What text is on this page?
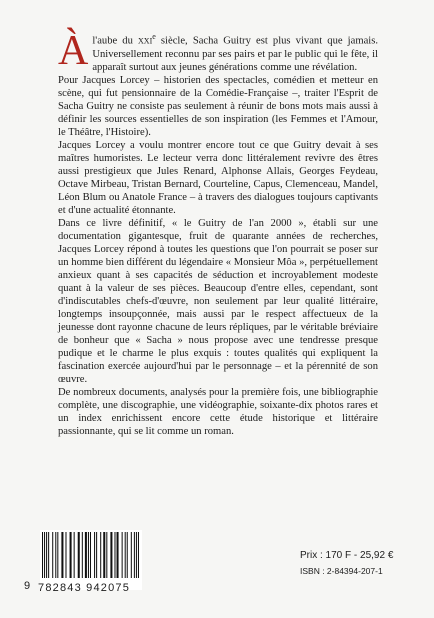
À l'aube du XXIe siècle, Sacha Guitry est plus vivant que jamais. Universellement reconnu par ses pairs et par le public qui le fête, il apparaît surtout aux jeunes générations comme une révélation.

Pour Jacques Lorcey – historien des spectacles, comédien et metteur en scène, qui fut pensionnaire de la Comédie-Française –, traiter l'Esprit de Sacha Guitry ne consiste pas seulement à réunir de bons mots mais aussi à définir les sources essentielles de son inspiration (les Femmes et l'Amour, le Théâtre, l'Histoire).

Jacques Lorcey a voulu montrer encore tout ce que Guitry devait à ses maîtres humoristes. Le lecteur verra donc littéralement revivre des êtres aussi prestigieux que Jules Renard, Alphonse Allais, Georges Feydeau, Octave Mirbeau, Tristan Bernard, Courteline, Capus, Clemenceau, Mandel, Léon Blum ou Anatole France – à travers des dialogues toujours captivants et d'une actualité étonnante.

Dans ce livre définitif, « le Guitry de l'an 2000 », établi sur une documentation gigantesque, fruit de quarante années de recherches, Jacques Lorcey répond à toutes les questions que l'on pourrait se poser sur un homme bien différent du légendaire « Monsieur Môa », perpétuellement anxieux quant à ses capacités de séduction et incroyablement modeste quant à la valeur de ses pièces. Beaucoup d'entre elles, cependant, sont d'indiscutables chefs-d'œuvre, non seulement par leur qualité littéraire, longtemps insoupçonnée, mais aussi par le respect affectueux de la jeunesse dont rayonne chacune de leurs répliques, par le véritable bréviaire de bonheur que « Sacha » nous propose avec une tendresse presque pudique et le charme le plus exquis : toutes qualités qui expliquent la fascination exercée aujourd'hui par le personnage – et la pérennité de son œuvre.

De nombreux documents, analysés pour la première fois, une bibliographie complète, une discographie, une vidéographie, soixante-dix photos rares et un index enrichissent encore cette étude historique et littéraire passionnante, qui se lit comme un roman.

9 782843 942075
Prix : 170 F - 25,92 €
ISBN : 2-84394-207-1
